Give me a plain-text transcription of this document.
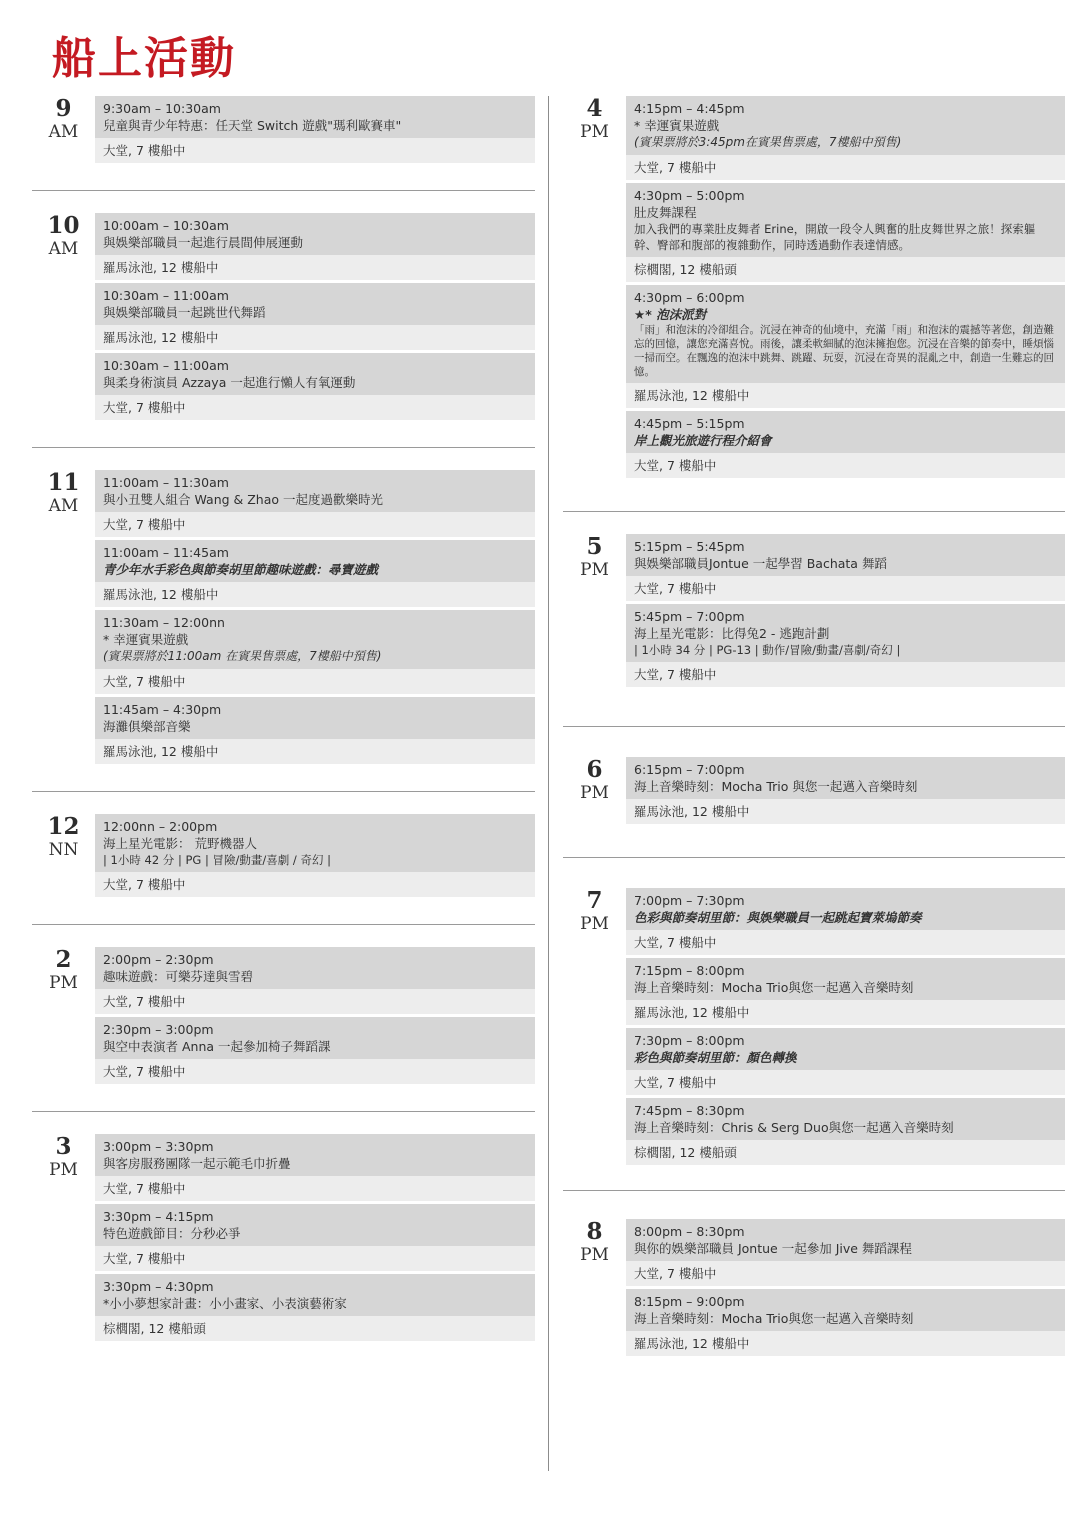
船上活動
9
AM
9:30am – 10:30am
兒童與青少年特惠：任天堂 Switch 遊戲"瑪利歐賽車"
大堂, 7 樓船中
10
AM
10:00am – 10:30am
與娛樂部職員一起進行晨間伸展運動
羅馬泳池, 12 樓船中
10:30am – 11:00am
與娛樂部職員一起跳世代舞蹈
羅馬泳池, 12 樓船中
10:30am – 11:00am
與柔身術演員 Azzaya 一起進行懶人有氧運動
大堂, 7 樓船中
11
AM
11:00am – 11:30am
與小丑雙人組合 Wang & Zhao 一起度過歡樂時光
大堂, 7 樓船中
11:00am – 11:45am
青少年水手彩色與節奏胡里節趣味遊戲：尋寶遊戲
羅馬泳池, 12 樓船中
11:30am – 12:00nn
* 幸運賓果遊戲
(賓果票將於11:00am 在賓果售票處，7樓船中預售)
大堂, 7 樓船中
11:45am – 4:30pm
海灘俱樂部音樂
羅馬泳池, 12 樓船中
12
NN
12:00nn – 2:00pm
海上星光電影： 荒野機器人
| 1小時 42 分 | PG | 冒險/動畫/喜劇 / 奇幻 |
大堂, 7 樓船中
2
PM
2:00pm – 2:30pm
趣味遊戲：可樂芬達與雪碧
大堂, 7 樓船中
2:30pm – 3:00pm
與空中表演者 Anna 一起參加椅子舞蹈課
大堂, 7 樓船中
3
PM
3:00pm – 3:30pm
與客房服務團隊一起示範毛巾折疊
大堂, 7 樓船中
3:30pm – 4:15pm
特色遊戲節目：分秒必爭
大堂, 7 樓船中
3:30pm – 4:30pm
*小小夢想家計畫：小小畫家、小表演藝術家
棕櫚閣, 12 樓船頭
4
PM
4:15pm – 4:45pm
* 幸運賓果遊戲
(賓果票將於3:45pm在賓果售票處，7樓船中預售)
大堂, 7 樓船中
4:30pm – 5:00pm
肚皮舞課程
加入我們的專業肚皮舞者 Erine，開啟一段令人興奮的肚皮舞世界之旅！探索軀幹、臀部和腹部的複雜動作，同時透過動作表達情感。
棕櫚閣, 12 樓船頭
4:30pm – 6:00pm
★* 泡沫派對
「雨」和泡沫的冷卻組合。沉浸在神奇的仙境中，充滿「雨」和泡沫的震撼等著您，創造難忘的回憶，讓您充滿喜悅。雨後，讓柔軟細膩的泡沫擁抱您。沉浸在音樂的節奏中，睡煩惱一掃而空。在飄逸的泡沫中跳舞、跳躍、玩耍，沉浸在奇異的混亂之中，創造一生難忘的回憶。
羅馬泳池, 12 樓船中
4:45pm – 5:15pm
岸上觀光旅遊行程介紹會
大堂, 7 樓船中
5
PM
5:15pm – 5:45pm
與娛樂部職員Jontue 一起學習 Bachata 舞蹈
大堂, 7 樓船中
5:45pm – 7:00pm
海上星光電影：比得兔2 - 逃跑計劃
| 1小時 34 分 | PG-13 | 動作/冒險/動畫/喜劇/奇幻 |
大堂, 7 樓船中
6
PM
6:15pm – 7:00pm
海上音樂時刻：Mocha Trio 與您一起邁入音樂時刻
羅馬泳池, 12 樓船中
7
PM
7:00pm – 7:30pm
色彩與節奏胡里節：與娛樂職員一起跳起寶萊塢節奏
大堂, 7 樓船中
7:15pm – 8:00pm
海上音樂時刻：Mocha Trio與您一起邁入音樂時刻
羅馬泳池, 12 樓船中
7:30pm – 8:00pm
彩色與節奏胡里節：顏色轉換
大堂, 7 樓船中
7:45pm – 8:30pm
海上音樂時刻：Chris & Serg Duo與您一起邁入音樂時刻
棕櫚閣, 12 樓船頭
8
PM
8:00pm – 8:30pm
與你的娛樂部職員 Jontue 一起參加 Jive 舞蹈課程
大堂, 7 樓船中
8:15pm – 9:00pm
海上音樂時刻：Mocha Trio與您一起邁入音樂時刻
羅馬泳池, 12 樓船中
